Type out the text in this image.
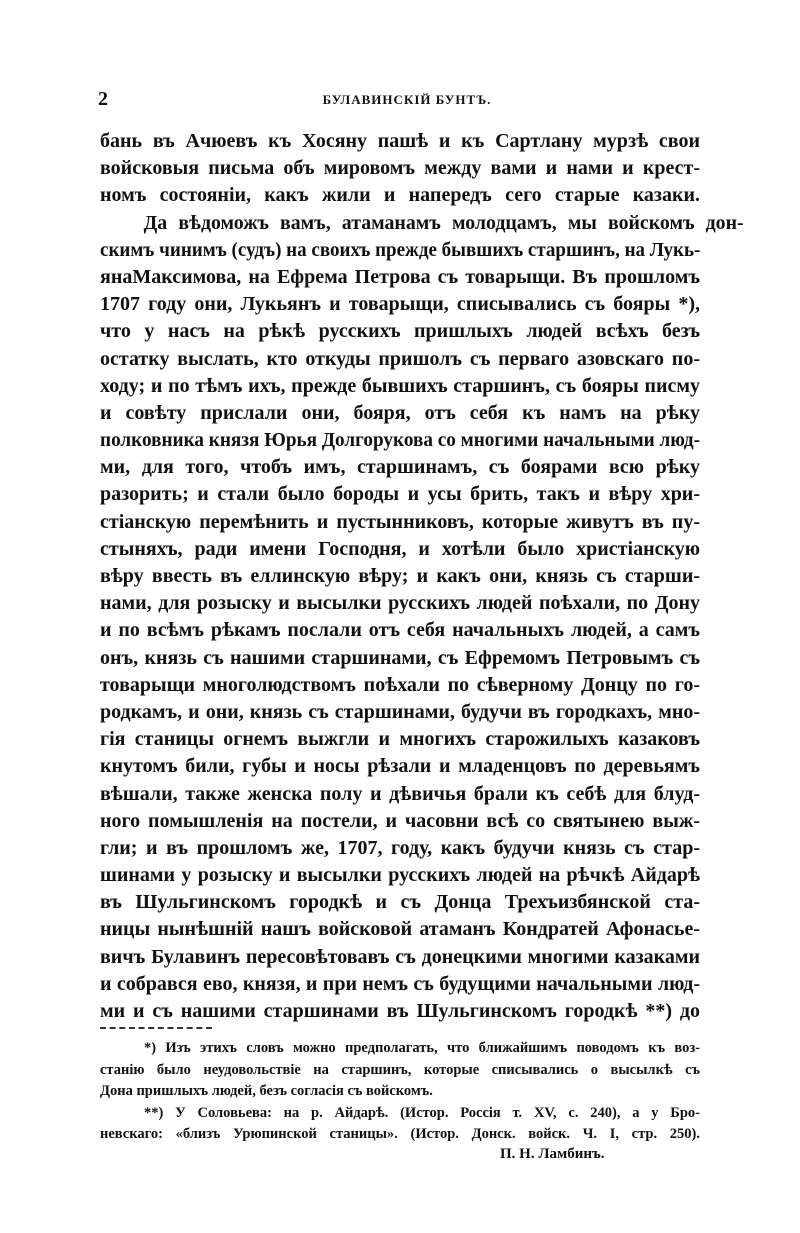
2	БУЛАВИНСКІЙ БУНТЪ.
бань въ Ачюевъ къ Хосяну пашѣ и къ Сартлану мурзѣ свои
войсковыя письма объ мировомъ между вами и нами и крест-
номъ состояніи, какъ жили и напередъ сего старые казаки.
Да вѣдоможъ вамъ, атаманамъ молодцамъ, мы войскомъ дон-
скимъ чинимъ (судъ) на своихъ прежде бывшихъ старшинъ, на Лукь-
янаМаксимова, на Ефрема Петрова съ товарыщи. Въ прошломъ
1707 году они, Лукьянъ и товарыщи, списывались съ бояры *),
что у насъ на рѣкѣ русскихъ пришлыхъ людей всѣхъ безъ
остатку выслать, кто откуды пришолъ съ перваго азовскаго по-
ходу; и по тѣмъ ихъ, прежде бывшихъ старшинъ, съ бояры писму
и совѣту прислали они, бояря, отъ себя къ намъ на рѣку
полковника князя Юрья Долгорукова со многими начальными люд-
ми, для того, чтобъ имъ, старшинамъ, съ боярами всю рѣку
разорить; и стали было бороды и усы брить, такъ и вѣру хри-
стіанскую перемѣнить и пустынниковъ, которые живутъ въ пу-
стыняхъ, ради имени Господня, и хотѣли было христіанскую
вѣру ввесть въ еллинскую вѣру; и какъ они, князь съ старши-
нами, для розыску и высылки русскихъ людей поѣхали, по Дону
и по всѣмъ рѣкамъ послали отъ себя начальныхъ людей, а самъ
онъ, князь съ нашими старшинами, съ Ефремомъ Петровымъ съ
товарыщи многолюдствомъ поѣхали по сѣверному Донцу по го-
родкамъ, и они, князь съ старшинами, будучи въ городкахъ, мно-
гія станицы огнемъ выжгли и многихъ старожилыхъ казаковъ
кнутомъ били, губы и носы рѣзали и младенцовъ по деревьямъ
вѣшали, также женска полу и дѣвичья брали къ себѣ для блуд-
ного помышленія на постели, и часовни всѣ со святынею выж-
гли; и въ прошломъ же, 1707, году, какъ будучи князь съ стар-
шинами у розыску и высылки русскихъ людей на рѣчкѣ Айдарѣ
въ Шульгинскомъ городкѣ и съ Донца Трехъизбянской ста-
ницы нынѣшній нашъ войсковой атаманъ Кондратей Афонасье-
вичъ Булавинъ пересовѣтовавъ съ донецкими многими казаками
и собрався ево, князя, и при немъ съ будущими начальными люд-
ми и съ нашими старшинами въ Шульгинскомъ городкѣ **) до
*) Изъ этихъ словъ можно предполагать, что ближайшимъ поводомъ къ воз-
станію было неудовольствіе на старшинъ, которые списывались о высылкѣ съ
Дона пришлыхъ людей, безъ согласія съ войскомъ.
**) У Соловьева: на р. Айдарѣ. (Истор. Россія т. XV, с. 240), а у Бро-
невскаго: «близъ Урюпинской станицы». (Истор. Донск. войск. Ч. I, стр. 250).
П. Н. Ламбинъ.
